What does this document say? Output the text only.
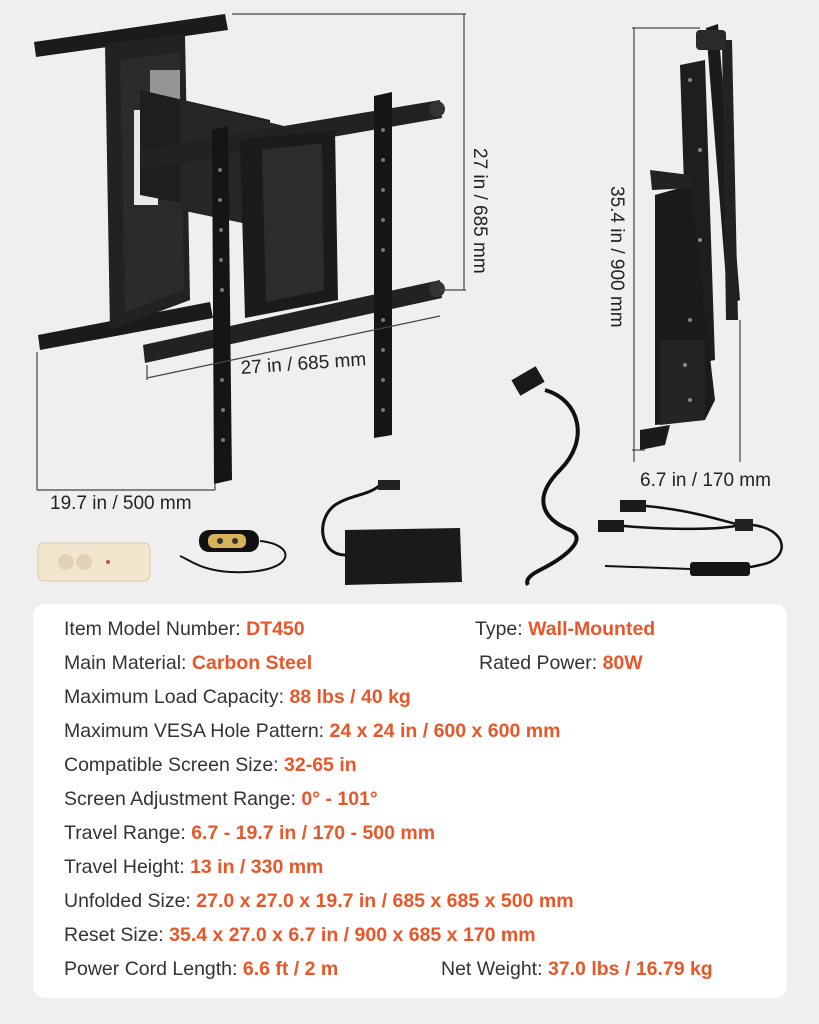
27 in / 685 mm
27 in / 685 mm
19.7 in / 500 mm
35.4 in / 900 mm
6.7 in / 170 mm
Item Model Number: DT450	Type: Wall-Mounted
Main Material: Carbon Steel	Rated Power: 80W
Maximum Load Capacity: 88 lbs / 40 kg
Maximum VESA Hole Pattern: 24 x 24 in / 600 x 600 mm
Compatible Screen Size: 32-65 in
Screen Adjustment Range: 0° - 101°
Travel Range: 6.7 - 19.7 in / 170 - 500 mm
Travel Height: 13 in / 330 mm
Unfolded Size: 27.0 x 27.0 x 19.7 in / 685 x 685 x 500 mm
Reset Size: 35.4 x 27.0 x 6.7 in / 900 x 685 x 170 mm
Power Cord Length: 6.6 ft / 2 m	Net Weight: 37.0 lbs / 16.79 kg
